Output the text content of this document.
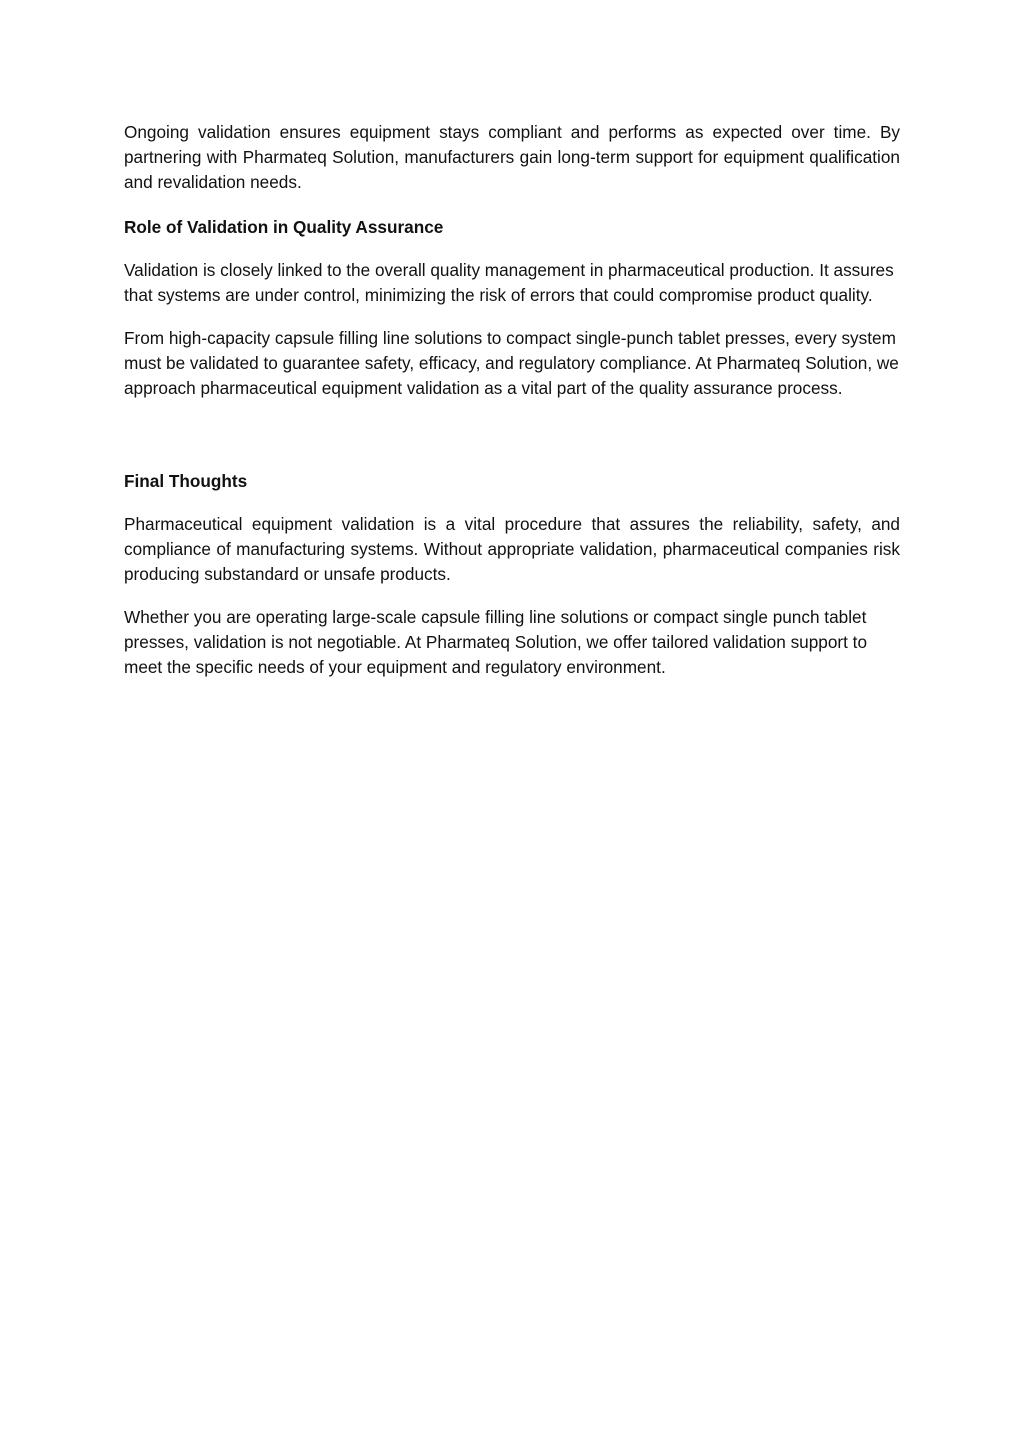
Ongoing validation ensures equipment stays compliant and performs as expected over time. By partnering with Pharmateq Solution, manufacturers gain long-term support for equipment qualification and revalidation needs.

Role of Validation in Quality Assurance

Validation is closely linked to the overall quality management in pharmaceutical production. It assures that systems are under control, minimizing the risk of errors that could compromise product quality.

From high-capacity capsule filling line solutions to compact single-punch tablet presses, every system must be validated to guarantee safety, efficacy, and regulatory compliance. At Pharmateq Solution, we approach pharmaceutical equipment validation as a vital part of the quality assurance process.

Final Thoughts

Pharmaceutical equipment validation is a vital procedure that assures the reliability, safety, and compliance of manufacturing systems. Without appropriate validation, pharmaceutical companies risk producing substandard or unsafe products.

Whether you are operating large-scale capsule filling line solutions or compact single punch tablet presses, validation is not negotiable. At Pharmateq Solution, we offer tailored validation support to meet the specific needs of your equipment and regulatory environment.
